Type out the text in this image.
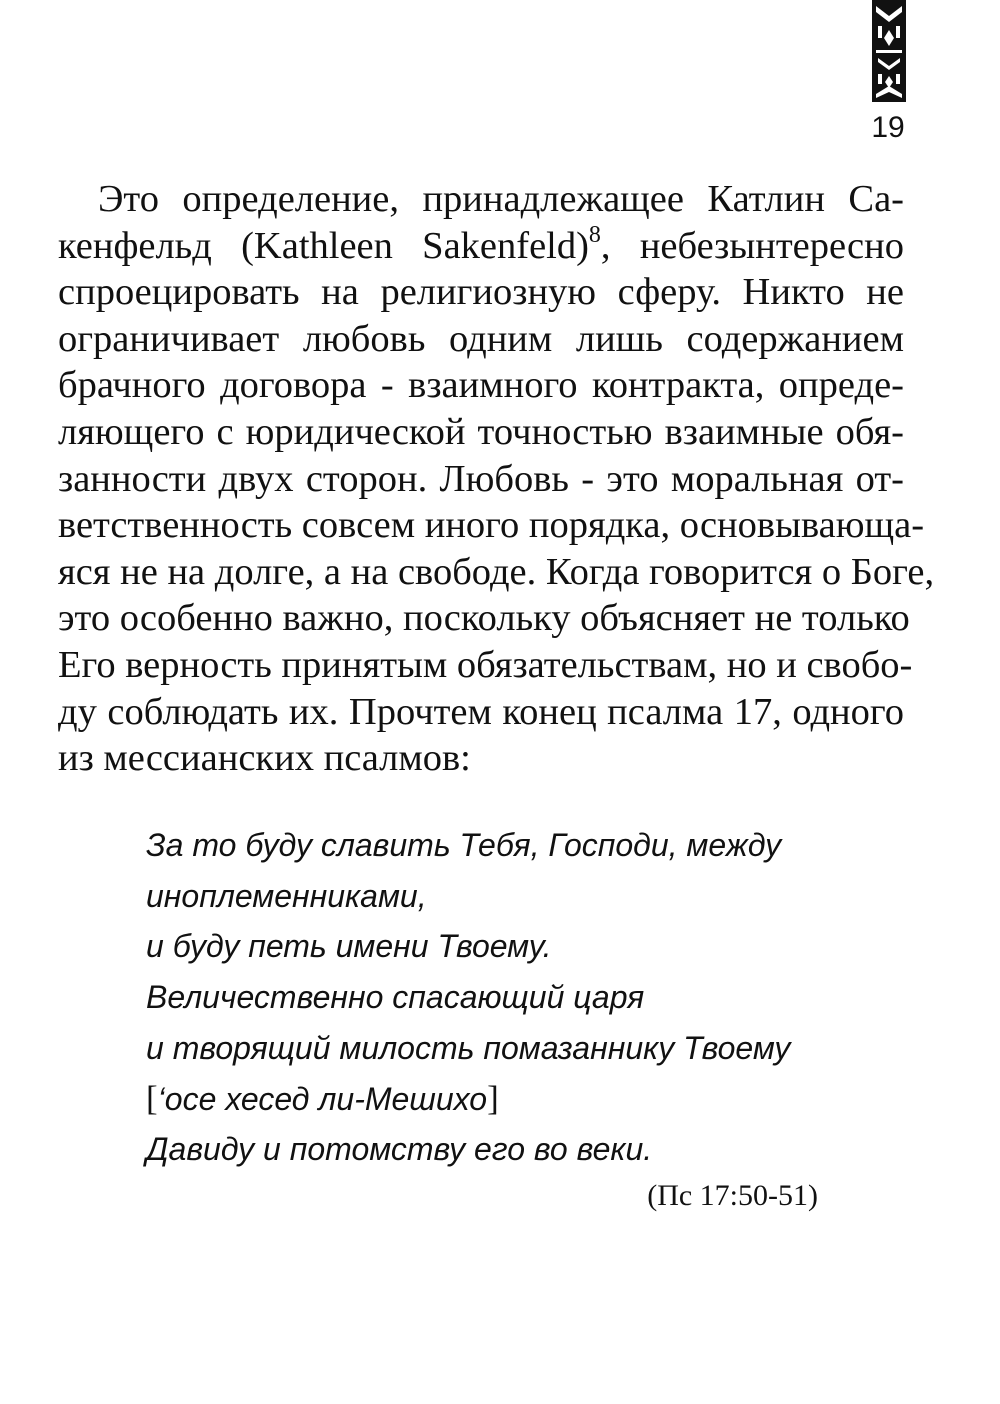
19
Это определение, принадлежащее Катлин Са-
кенфельд (Kathleen Sakenfeld)$^8$, небезынтересно
спроецировать на религиозную сферу. Никто не
ограничивает любовь одним лишь содержанием
брачного договора - взаимного контракта, опреде-
ляющего с юридической точностью взаимные обя-
занности двух сторон. Любовь - это моральная от-
ветственность совсем иного порядка, основывающа-
яся не на долге, а на свободе. Когда говорится о Боге,
это особенно важно, поскольку объясняет не только
Его верность принятым обязательствам, но и свобо-
ду соблюдать их. Прочтем конец псалма 17, одного
из мессианских псалмов:
За то буду славить Тебя, Господи, между
иноплеменниками,
и буду петь имени Твоему.
Величественно спасающий царя
и творящий милость помазаннику Твоему
[‘осе хесед ли-Мешихо]
Давиду и потомству его во веки.
(Пс 17:50-51)
